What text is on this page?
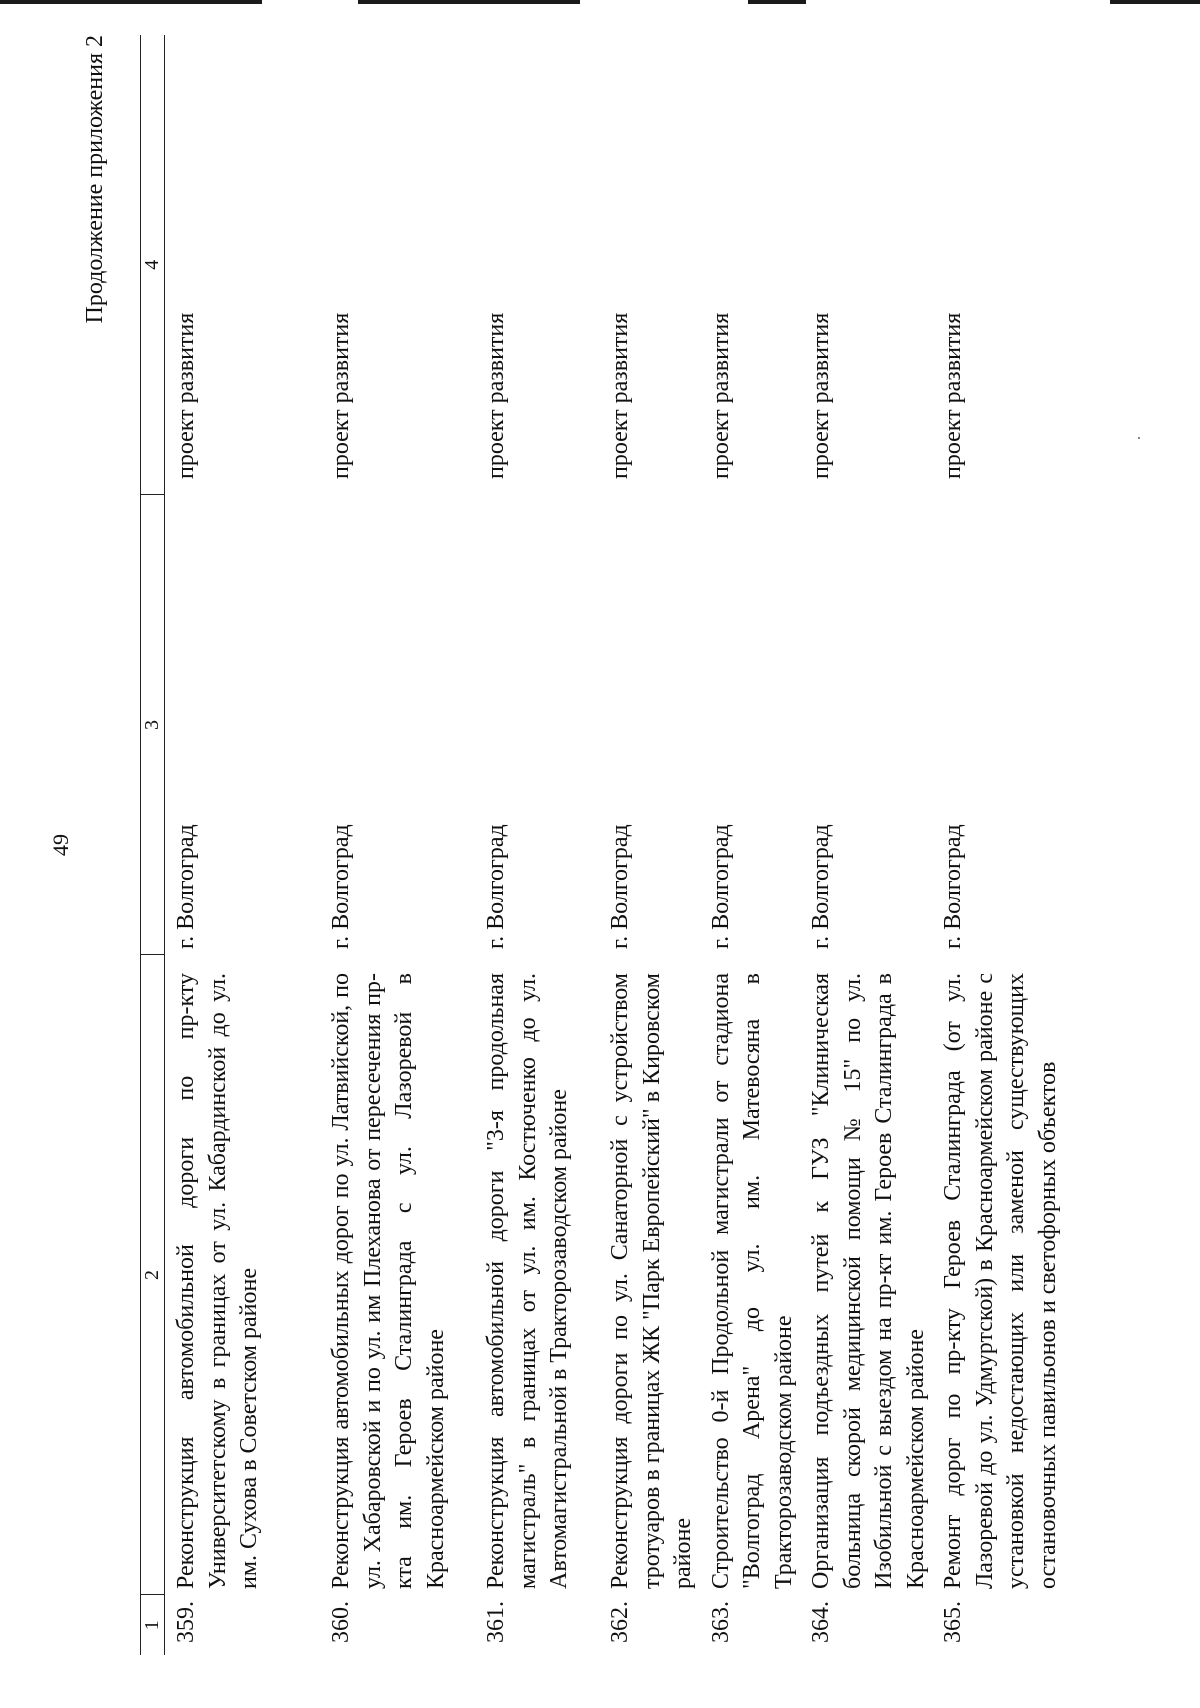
49
Продолжение приложения 2
1	2	3	4
359.	Реконструкция автомобильной дороги по пр-кту Университетскому в границах от ул. Кабардинской до ул. им. Сухова в Советском районе	г. Волгоград	проект развития
360.	Реконструкция автомобильных дорог по ул. Латвийской, по ул. Хабаровской и по ул. им Плеханова от пересечения пр-кта им. Героев Сталинграда с ул. Лазоревой в Красноармейском районе	г. Волгоград	проект развития
361.	Реконструкция автомобильной дороги "3-я продольная магистраль" в границах от ул. им. Костюченко до ул. Автомагистральной в Тракторозаводском районе	г. Волгоград	проект развития
362.	Реконструкция дороги по ул. Санаторной с устройством тротуаров в границах ЖК "Парк Европейский" в Кировском районе	г. Волгоград	проект развития
363.	Строительство 0-й Продольной магистрали от стадиона "Волгоград Арена" до ул. им. Матевосяна в Тракторозаводском районе	г. Волгоград	проект развития
364.	Организация подъездных путей к ГУЗ "Клиническая больница скорой медицинской помощи № 15" по ул. Изобильной с выездом на пр-кт им. Героев Сталинграда в Красноармейском районе	г. Волгоград	проект развития
365.	Ремонт дорог по пр-кту Героев Сталинграда (от ул. Лазоревой до ул. Удмуртской) в Красноармейском районе с установкой недостающих или заменой существующих остановочных павильонов и светофорных объектов	г. Волгоград	проект развития
